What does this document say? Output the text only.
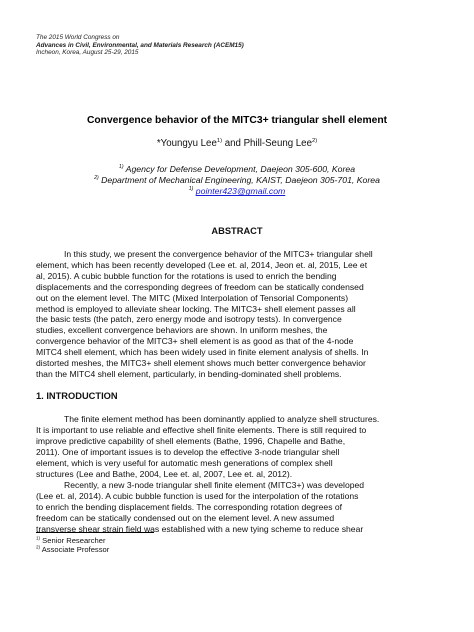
The 2015 World Congress on
Advances in Civil, Environmental, and Materials Research (ACEM15)
Incheon, Korea, August 25-29, 2015
Convergence behavior of the MITC3+ triangular shell element
*Youngyu Lee$^{1)}$ and Phill-Seung Lee$^{2)}$
$^{1)}$ Agency for Defense Development, Daejeon 305-600, Korea
$^{2)}$ Department of Mechanical Engineering, KAIST, Daejeon 305-701, Korea
$^{1)}$ pointer423@gmail.com
ABSTRACT
In this study, we present the convergence behavior of the MITC3+ triangular shell
element, which has been recently developed (Lee et. al, 2014, Jeon et. al, 2015, Lee et
al, 2015). A cubic bubble function for the rotations is used to enrich the bending
displacements and the corresponding degrees of freedom can be statically condensed
out on the element level. The MITC (Mixed Interpolation of Tensorial Components)
method is employed to alleviate shear locking. The MITC3+ shell element passes all
the basic tests (the patch, zero energy mode and isotropy tests). In convergence
studies, excellent convergence behaviors are shown. In uniform meshes, the
convergence behavior of the MITC3+ shell element is as good as that of the 4-node
MITC4 shell element, which has been widely used in finite element analysis of shells. In
distorted meshes, the MITC3+ shell element shows much better convergence behavior
than the MITC4 shell element, particularly, in bending-dominated shell problems.
1. INTRODUCTION
The finite element method has been dominantly applied to analyze shell structures.
It is important to use reliable and effective shell finite elements. There is still required to
improve predictive capability of shell elements (Bathe, 1996, Chapelle and Bathe,
2011). One of important issues is to develop the effective 3-node triangular shell
element, which is very useful for automatic mesh generations of complex shell
structures (Lee and Bathe, 2004, Lee et. al, 2007, Lee et. al, 2012).
Recently, a new 3-node triangular shell finite element (MITC3+) was developed
(Lee et. al, 2014). A cubic bubble function is used for the interpolation of the rotations
to enrich the bending displacement fields. The corresponding rotation degrees of
freedom can be statically condensed out on the element level. A new assumed
transverse shear strain field was established with a new tying scheme to reduce shear
$^{1)}$ Senior Researcher
$^{2)}$ Associate Professor
